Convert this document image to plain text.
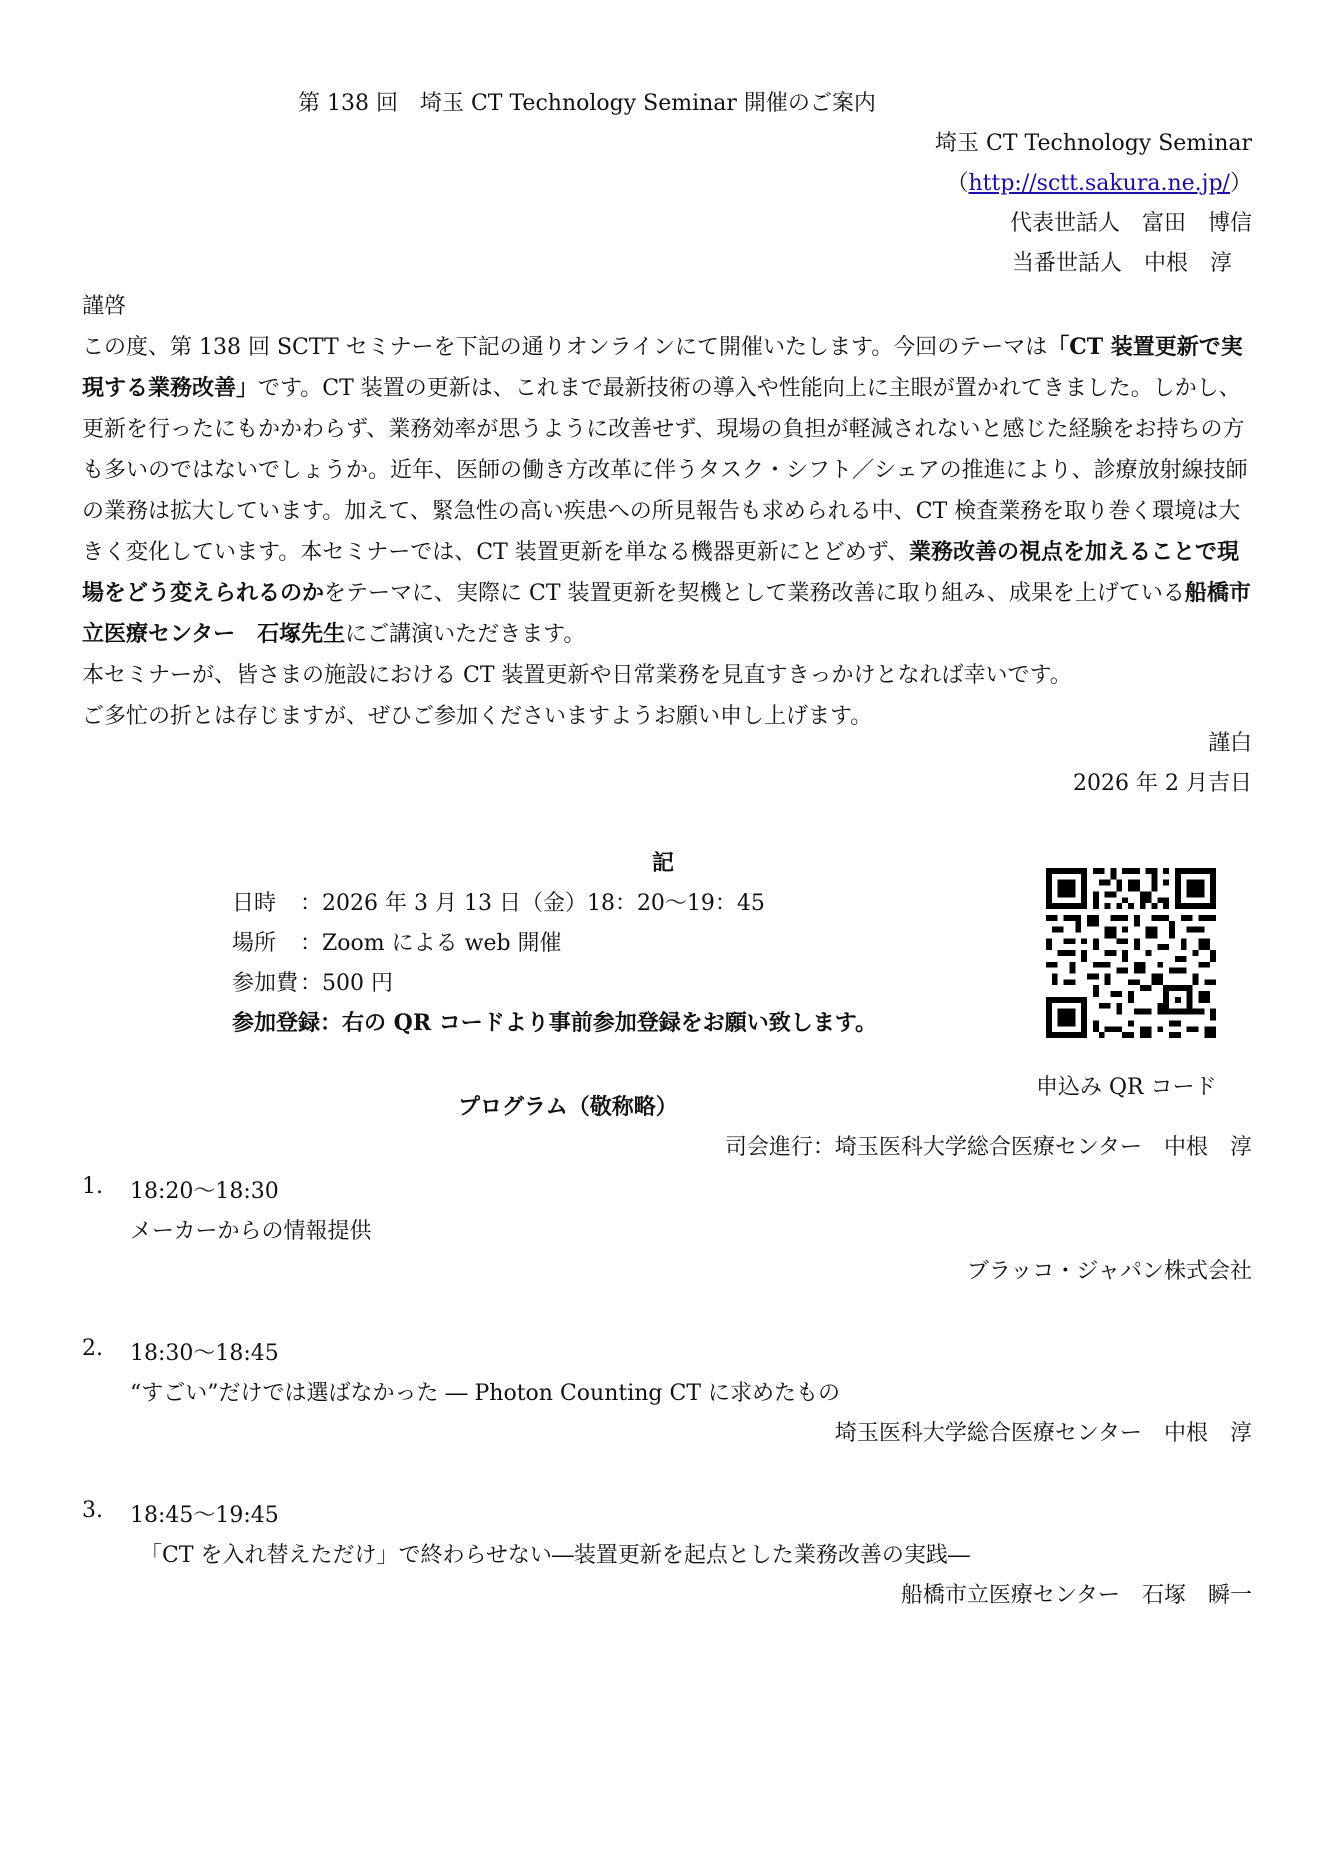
第 138 回　埼玉 CT Technology Seminar 開催のご案内
埼玉 CT Technology Seminar
（http://sctt.sakura.ne.jp/）
代表世話人　富田　博信
当番世話人　中根　淳

謹啓

この度、第 138 回 SCTT セミナーを下記の通りオンラインにて開催いたします。今回のテーマは「CT 装置更新で実現する業務改善」です。CT 装置の更新は、これまで最新技術の導入や性能向上に主眼が置かれてきました。しかし、更新を行ったにもかかわらず、業務効率が思うように改善せず、現場の負担が軽減されないと感じた経験をお持ちの方も多いのではないでしょうか。近年、医師の働き方改革に伴うタスク・シフト／シェアの推進により、診療放射線技師の業務は拡大しています。加えて、緊急性の高い疾患への所見報告も求められる中、CT 検査業務を取り巻く環境は大きく変化しています。本セミナーでは、CT 装置更新を単なる機器更新にとどめず、業務改善の視点を加えることで現場をどう変えられるのかをテーマに、実際に CT 装置更新を契機として業務改善に取り組み、成果を上げている船橋市立医療センター　石塚先生にご講演いただきます。

本セミナーが、皆さまの施設における CT 装置更新や日常業務を見直すきっかけとなれば幸いです。

ご多忙の折とは存じますが、ぜひご参加くださいますようお願い申し上げます。

謹白
2026 年 2 月吉日
記
日時 ：2026 年 3 月 13 日（金）18：20～19：45
場所 ：Zoom による web 開催
参加費 ：500 円
参加登録：右の QR コードより事前参加登録をお願い致します。
申込み QR コード
プログラム（敬称略）
司会進行：埼玉医科大学総合医療センター　中根　淳
1. 18:20～18:30
メーカーからの情報提供
ブラッコ・ジャパン株式会社
2. 18:30～18:45
“すごい”だけでは選ばなかった ― Photon Counting CT に求めたもの
埼玉医科大学総合医療センター　中根　淳
3. 18:45～19:45
「CT を入れ替えただけ」で終わらせない―装置更新を起点とした業務改善の実践―
船橋市立医療センター　石塚　瞬一
